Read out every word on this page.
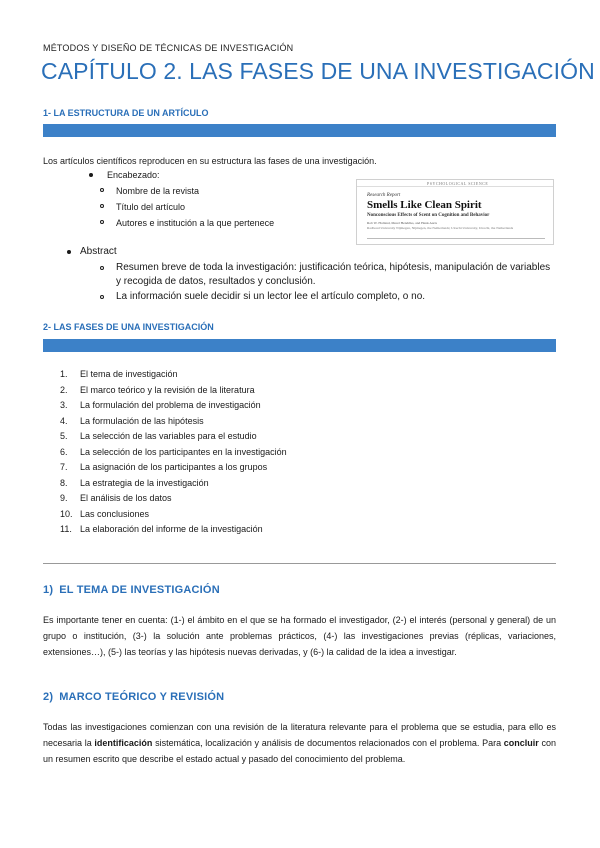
MÉTODOS Y DISEÑO DE TÉCNICAS DE INVESTIGACIÓN
CAPÍTULO 2. LAS FASES DE UNA INVESTIGACIÓN
1- LA ESTRUCTURA DE UN ARTÍCULO
Los artículos científicos reproducen en su estructura las fases de una investigación.
Encabezado:
Nombre de la revista
Título del artículo
Autores e institución a la que pertenece
PSYCHOLOGICAL SCIENCE
Research Report
Smells Like Clean Spirit
Nonconscious Effects of Scent on Cognition and Behavior
Rob W. Holland, Merel Hendriks, and Henk Aarts
Radboud University Nijmegen, Nijmegen, the Netherlands; Utrecht University, Utrecht, the Netherlands
Abstract
Resumen breve de toda la investigación: justificación teórica, hipótesis, manipulación de variables y recogida de datos, resultados y conclusión.
La información suele decidir si un lector lee el artículo completo, o no.
2- LAS FASES DE UNA INVESTIGACIÓN
1.	El tema de investigación
2.	El marco teórico y la revisión de la literatura
3.	La formulación del problema de investigación
4.	La formulación de las hipótesis
5.	La selección de las variables para el estudio
6.	La selección de los participantes en la investigación
7.	La asignación de los participantes a los grupos
8.	La estrategia de la investigación
9.	El análisis de los datos
10. Las conclusiones
11. La elaboración del informe de la investigación
1) EL TEMA DE INVESTIGACIÓN
Es importante tener en cuenta: (1-) el ámbito en el que se ha formado el investigador, (2-) el interés (personal y general) de un grupo o institución, (3-) la solución ante problemas prácticos, (4-) las investigaciones previas (réplicas, variaciones, extensiones…), (5-) las teorías y las hipótesis nuevas derivadas, y (6-) la calidad de la idea a investigar.
2) MARCO TEÓRICO Y REVISIÓN
Todas las investigaciones comienzan con una revisión de la literatura relevante para el problema que se estudia, para ello es necesaria la identificación sistemática, localización y análisis de documentos relacionados con el problema. Para concluir con un resumen escrito que describe el estado actual y pasado del conocimiento del problema.
